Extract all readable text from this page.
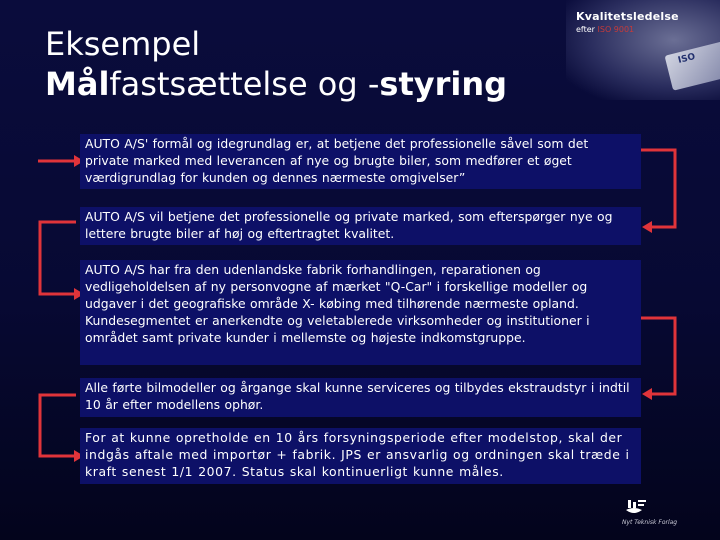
Eksempel
Målfastsættelse og -styring
Kvalitetsledelse
efter ISO 9001
ISO
AUTO A/S' formål og idegrundlag er, at betjene det professionelle såvel som det private marked med leverancen af nye og brugte biler, som medfører et øget værdigrundlag for kunden og dennes nærmeste omgivelser”
AUTO A/S vil betjene det professionelle og private marked, som efterspørger nye og lettere brugte biler af høj og eftertragtet kvalitet.
AUTO A/S har fra den udenlandske fabrik forhandlingen, reparationen og vedligeholdelsen af ny personvogne af mærket "Q-Car" i forskellige modeller og udgaver i det geografiske område X- købing med tilhørende nærmeste opland. Kundesegmentet er anerkendte og veletablerede virksomheder og institutioner i området samt private kunder i mellemste og højeste indkomstgruppe.
Alle førte bilmodeller og årgange skal kunne serviceres og tilbydes ekstraudstyr i indtil 10 år efter modellens ophør.
For at kunne opretholde en 10 års forsyningsperiode efter modelstop, skal der indgås aftale med importør + fabrik. JPS er ansvarlig og ordningen skal træde i kraft senest 1/1 2007. Status skal kontinuerligt kunne måles.
Nyt Teknisk Forlag
